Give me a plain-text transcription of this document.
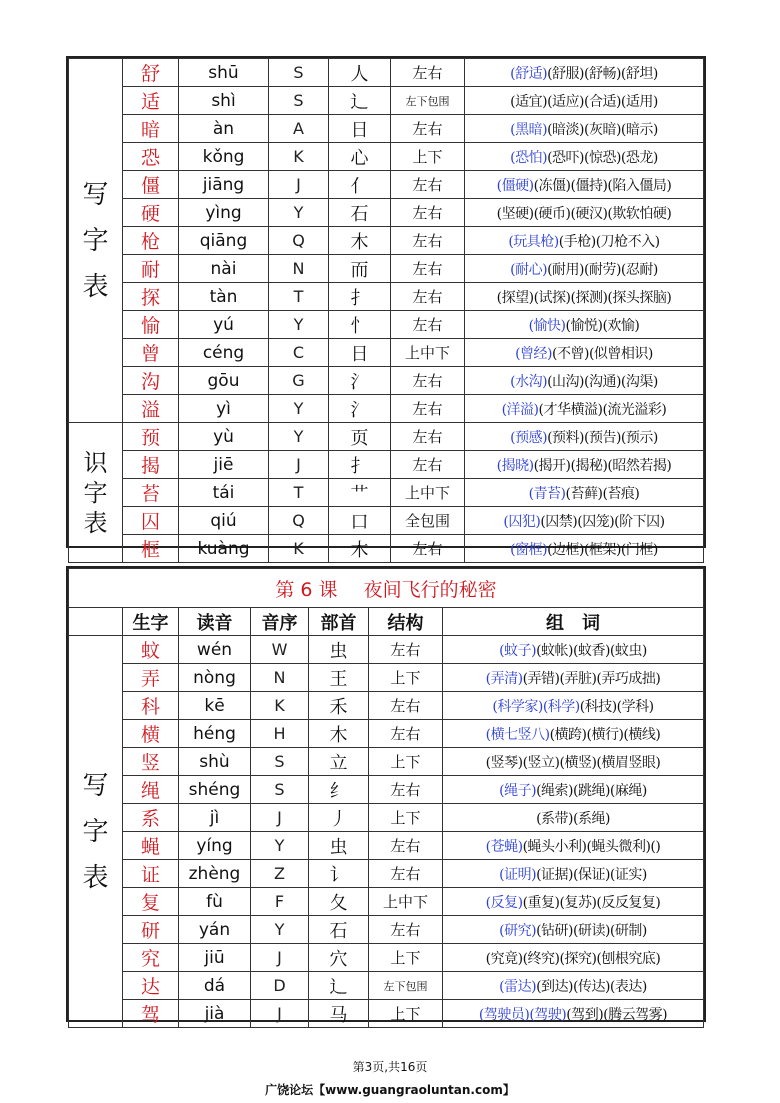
写
字
表	舒	shū	S	人	左右	(舒适)(舒服)(舒畅)(舒坦)
	适	shì	S	辶	左下包围	(适宜)(适应)(合适)(适用)
	暗	àn	A	日	左右	(黑暗)(暗淡)(灰暗)(暗示)
	恐	kǒng	K	心	上下	(恐怕)(恐吓)(惊恐)(恐龙)
	僵	jiāng	J	亻	左右	(僵硬)(冻僵)(僵持)(陷入僵局)
	硬	yìng	Y	石	左右	(坚硬)(硬币)(硬汉)(欺软怕硬)
	枪	qiāng	Q	木	左右	(玩具枪)(手枪)(刀枪不入)
	耐	nài	N	而	左右	(耐心)(耐用)(耐劳)(忍耐)
	探	tàn	T	扌	左右	(探望)(试探)(探测)(探头探脑)
	愉	yú	Y	忄	左右	(愉快)(愉悦)(欢愉)
	曾	céng	C	日	上中下	(曾经)(不曾)(似曾相识)
	沟	gōu	G	氵	左右	(水沟)(山沟)(沟通)(沟渠)
	溢	yì	Y	氵	左右	(洋溢)(才华横溢)(流光溢彩)
识
字
表	预	yù	Y	页	左右	(预感)(预料)(预告)(预示)
	揭	jiē	J	扌	左右	(揭晓)(揭开)(揭秘)(昭然若揭)
	苔	tái	T	艹	上中下	(青苔)(苔藓)(苔痕)
	囚	qiú	Q	口	全包围	(囚犯)(囚禁)(囚笼)(阶下囚)
	框	kuàng	K	木	左右	(窗框)(边框)(框架)(门框)
第 6 课 夜间飞行的秘密						
	生字	读音	音序	部首	结构	组　词
写
字
表	蚊	wén	W	虫	左右	(蚊子)(蚊帐)(蚊香)(蚊虫)
	弄	nòng	N	王	上下	(弄清)(弄错)(弄脏)(弄巧成拙)
	科	kē	K	禾	左右	(科学家)(科学)(科技)(学科)
	横	héng	H	木	左右	(横七竖八)(横跨)(横行)(横线)
	竖	shù	S	立	上下	(竖琴)(竖立)(横竖)(横眉竖眼)
	绳	shéng	S	纟	左右	(绳子)(绳索)(跳绳)(麻绳)
	系	jì	J	丿	上下	(系带)(系绳)
	蝇	yíng	Y	虫	左右	(苍蝇)(蝇头小利)(蝇头微利)()
	证	zhèng	Z	讠	左右	(证明)(证据)(保证)(证实)
	复	fù	F	夂	上中下	(反复)(重复)(复苏)(反反复复)
	研	yán	Y	石	左右	(研究)(钻研)(研读)(研制)
	究	jiū	J	穴	上下	(究竟)(终究)(探究)(刨根究底)
	达	dá	D	辶	左下包围	(雷达)(到达)(传达)(表达)
	驾	jià	J	马	上下	(驾驶员)(驾驶)(驾到)(腾云驾雾)
第3页,共16页
广饶论坛【www.guangraoluntan.com】
